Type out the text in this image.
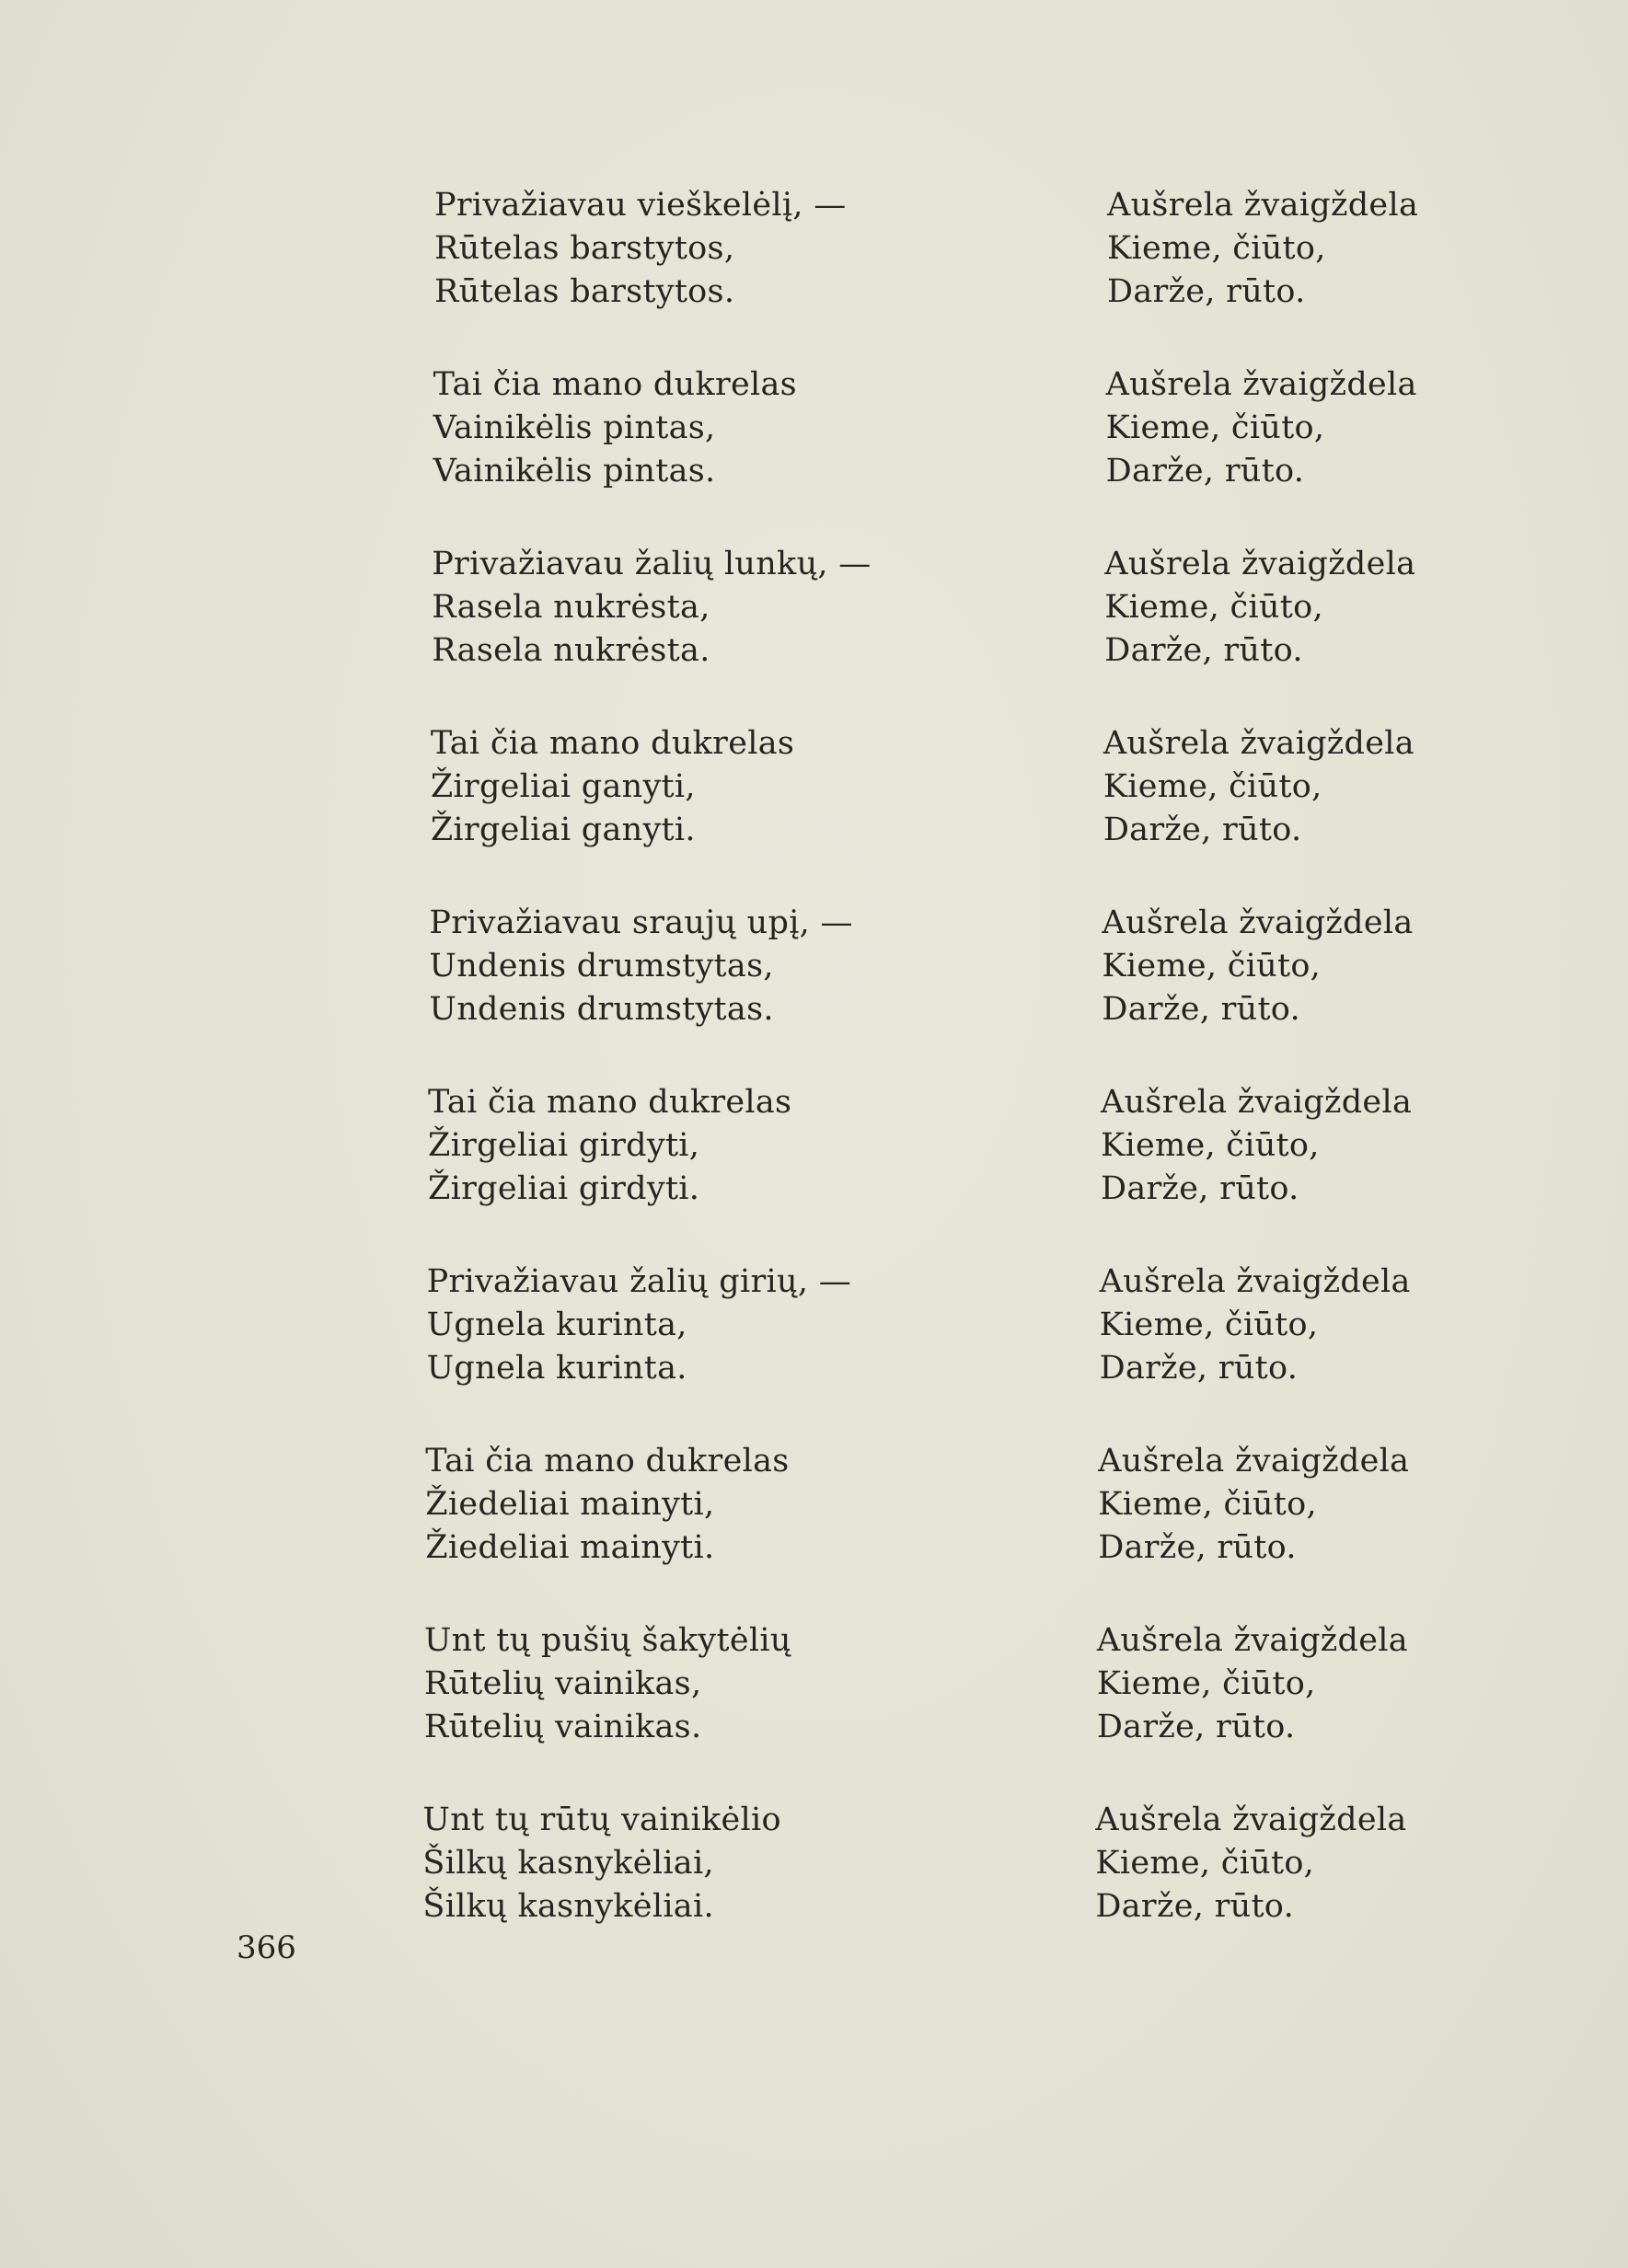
Privažiavau vieškelėlį, —
Rūtelas barstytos,
Rūtelas barstytos.
Tai čia mano dukrelas
Vainikėlis pintas,
Vainikėlis pintas.
Privažiavau žalių lunkų, —
Rasela nukrėsta,
Rasela nukrėsta.
Tai čia mano dukrelas
Žirgeliai ganyti,
Žirgeliai ganyti.
Privažiavau sraujų upį, —
Undenis drumstytas,
Undenis drumstytas.
Tai čia mano dukrelas
Žirgeliai girdyti,
Žirgeliai girdyti.
Privažiavau žalių girių, —
Ugnela kurinta,
Ugnela kurinta.
Tai čia mano dukrelas
Žiedeliai mainyti,
Žiedeliai mainyti.
Unt tų pušių šakytėlių
Rūtelių vainikas,
Rūtelių vainikas.
Unt tų rūtų vainikėlio
Šilkų kasnykėliai,
Šilkų kasnykėliai.
Aušrela žvaigždela
Kieme, čiūto,
Darže, rūto.
Aušrela žvaigždela
Kieme, čiūto,
Darže, rūto.
Aušrela žvaigždela
Kieme, čiūto,
Darže, rūto.
Aušrela žvaigždela
Kieme, čiūto,
Darže, rūto.
Aušrela žvaigždela
Kieme, čiūto,
Darže, rūto.
Aušrela žvaigždela
Kieme, čiūto,
Darže, rūto.
Aušrela žvaigždela
Kieme, čiūto,
Darže, rūto.
Aušrela žvaigždela
Kieme, čiūto,
Darže, rūto.
Aušrela žvaigždela
Kieme, čiūto,
Darže, rūto.
Aušrela žvaigždela
Kieme, čiūto,
Darže, rūto.
366
